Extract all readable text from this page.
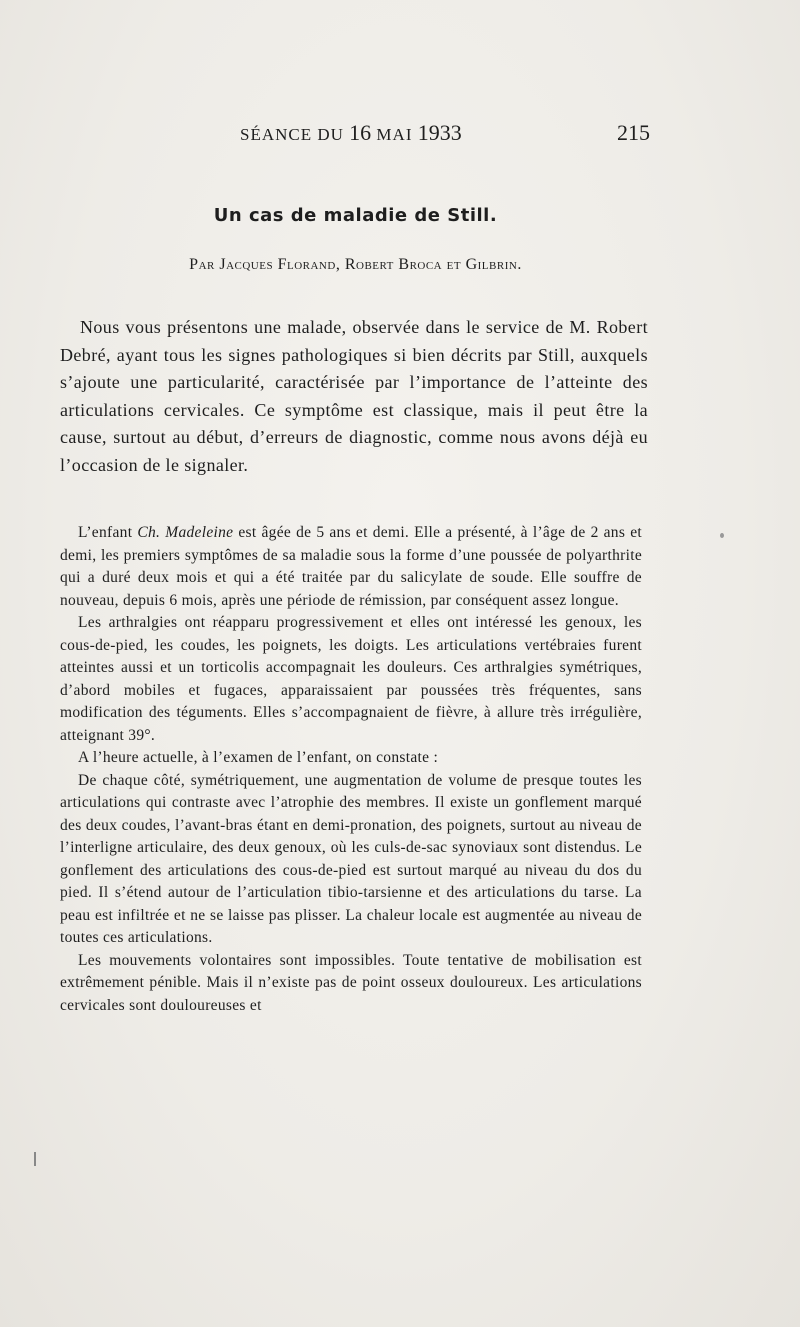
SÉANCE DU 16 MAI 1933	215
Un cas de maladie de Still.
Par Jacques Florand, Robert Broca et Gilbrin.

Nous vous présentons une malade, observée dans le service de M. Robert Debré, ayant tous les signes pathologiques si bien décrits par Still, auxquels s’ajoute une particularité, caractérisée par l’importance de l’atteinte des articulations cervicales. Ce symptôme est classique, mais il peut être la cause, surtout au début, d’erreurs de diagnostic, comme nous avons déjà eu l’occasion de le signaler.

L’enfant Ch. Madeleine est âgée de 5 ans et demi. Elle a présenté, à l’âge de 2 ans et demi, les premiers symptômes de sa maladie sous la forme d’une poussée de polyarthrite qui a duré deux mois et qui a été traitée par du salicylate de soude. Elle souffre de nouveau, depuis 6 mois, après une période de rémission, par conséquent assez longue.

Les arthralgies ont réapparu progressivement et elles ont intéressé les genoux, les cous-de-pied, les coudes, les poignets, les doigts. Les articulations vertébraies furent atteintes aussi et un torticolis accompagnait les douleurs. Ces arthralgies symétriques, d’abord mobiles et fugaces, apparaissaient par poussées très fréquentes, sans modification des téguments. Elles s’accompagnaient de fièvre, à allure très irrégulière, atteignant 39°.

A l’heure actuelle, à l’examen de l’enfant, on constate :

De chaque côté, symétriquement, une augmentation de volume de presque toutes les articulations qui contraste avec l’atrophie des membres. Il existe un gonflement marqué des deux coudes, l’avant-bras étant en demi-pronation, des poignets, surtout au niveau de l’interligne articulaire, des deux genoux, où les culs-de-sac synoviaux sont distendus. Le gonflement des articulations des cous-de-pied est surtout marqué au niveau du dos du pied. Il s’étend autour de l’articulation tibio-tarsienne et des articulations du tarse. La peau est infiltrée et ne se laisse pas plisser. La chaleur locale est augmentée au niveau de toutes ces articulations.

Les mouvements volontaires sont impossibles. Toute tentative de mobilisation est extrêmement pénible. Mais il n’existe pas de point osseux douloureux. Les articulations cervicales sont douloureuses et
